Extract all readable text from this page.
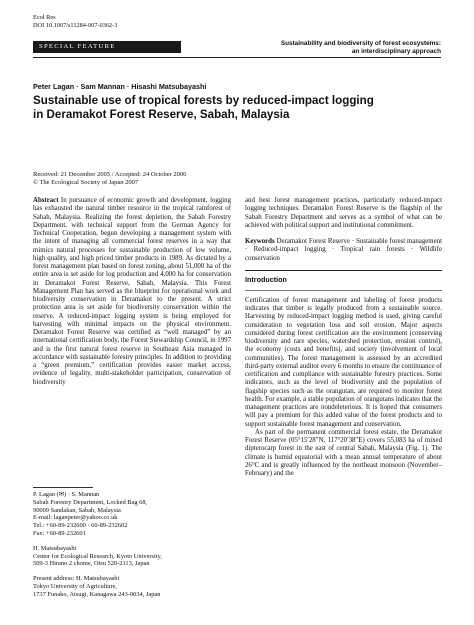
Ecol Res
DOI 10.1007/s11284-007-0362-3
SPECIAL FEATURE	Sustainability and biodiversity of forest ecosystems:
an interdisciplinary approach
Peter Lagan · Sam Mannan · Hisashi Matsubayashi
Sustainable use of tropical forests by reduced-impact logging
in Deramakot Forest Reserve, Sabah, Malaysia
Received: 21 December 2005 / Accepted: 24 October 2006
© The Ecological Society of Japan 2007

Abstract In pursuance of economic growth and development, logging has exhausted the natural timber resource in the tropical rainforest of Sabah, Malaysia. Realizing the forest depletion, the Sabah Forestry Department, with technical support from the German Agency for Technical Cooperation, begun developing a management system with the intent of managing all commercial forest reserves in a way that mimics natural processes for sustainable production of low volume, high quality, and high priced timber products in 1989. As dictated by a forest management plan based on forest zoning, about 51,000 ha of the entire area is set aside for log production and 4,000 ha for conservation in Deramakot Forest Reserve, Sabah, Malaysia. This Forest Management Plan has served as the blueprint for operational work and biodiversity conservation in Deramakot to the present. A strict protection area is set aside for biodiversity conservation within the reserve. A reduced-impact logging system is being employed for harvesting with minimal impacts on the physical environment. Deramakot Forest Reserve was certified as “well managed” by an international certification body, the Forest Stewardship Council, in 1997 and is the first natural forest reserve in Southeast Asia managed in accordance with sustainable forestry principles. In addition to providing a “green premium,” certification provides easier market access, evidence of legality, multi-stakeholder participation, conservation of biodiversity

and best forest management practices, particularly reduced-impact logging techniques. Deramakot Forest Reserve is the flagship of the Sabah Forestry Department and serves as a symbol of what can be achieved with political support and institutional commitment.

Keywords Deramakot Forest Reserve · Sustainable forest management · Reduced-impact logging · Tropical rain forests · Wildlife conservation

Introduction

Certification of forest management and labeling of forest products indicates that timber is legally produced from a sustainable source. Harvesting by reduced-impact logging method is used, giving careful consideration to vegetation loss and soil erosion. Major aspects considered during forest certification are the environment (conserving biodiversity and rare species, watershed protection, erosion control), the economy (costs and benefits), and society (involvement of local communities). The forest management is assessed by an accredited third-party external auditor every 6 months to ensure the continuance of certification and compliance with sustainable forestry practices. Some indicators, such as the level of biodiversity and the population of flagship species such as the orangutan, are required to monitor forest health. For example, a stable population of orangutans indicates that the management practices are nondeleterious. It is hoped that consumers will pay a premium for this added value of the forest products and to support sustainable forest management and conservation.

As part of the permanent commercial forest estate, the Deramakot Forest Reserve (05°15′28″N, 117°20′38″E) covers 55,083 ha of mixed dipterocarp forest in the east of central Sabah, Malaysia (Fig. 1). The climate is humid equatorial with a mean annual temperature of about 26°C and is greatly influenced by the northeast monsoon (November–February) and the

P. Lagan (✉) · S. Mannan
Sabah Forestry Department, Locked Bag 68,
90009 Sandakan, Sabah, Malaysia
E-mail: laganpeter@yahoo.co.uk
Tel.: +60-89-232600 · 60-89-232602
Fax: +60-89-232601
H. Matsubayashi
Center for Ecological Research, Kyoto University,
509-3 Hirano 2 chome, Otsu 520-2113, Japan
Present address: H. Matsubayashi
Tokyo University of Agriculture,
1737 Funako, Atsugi, Kanagawa 243-0034, Japan
